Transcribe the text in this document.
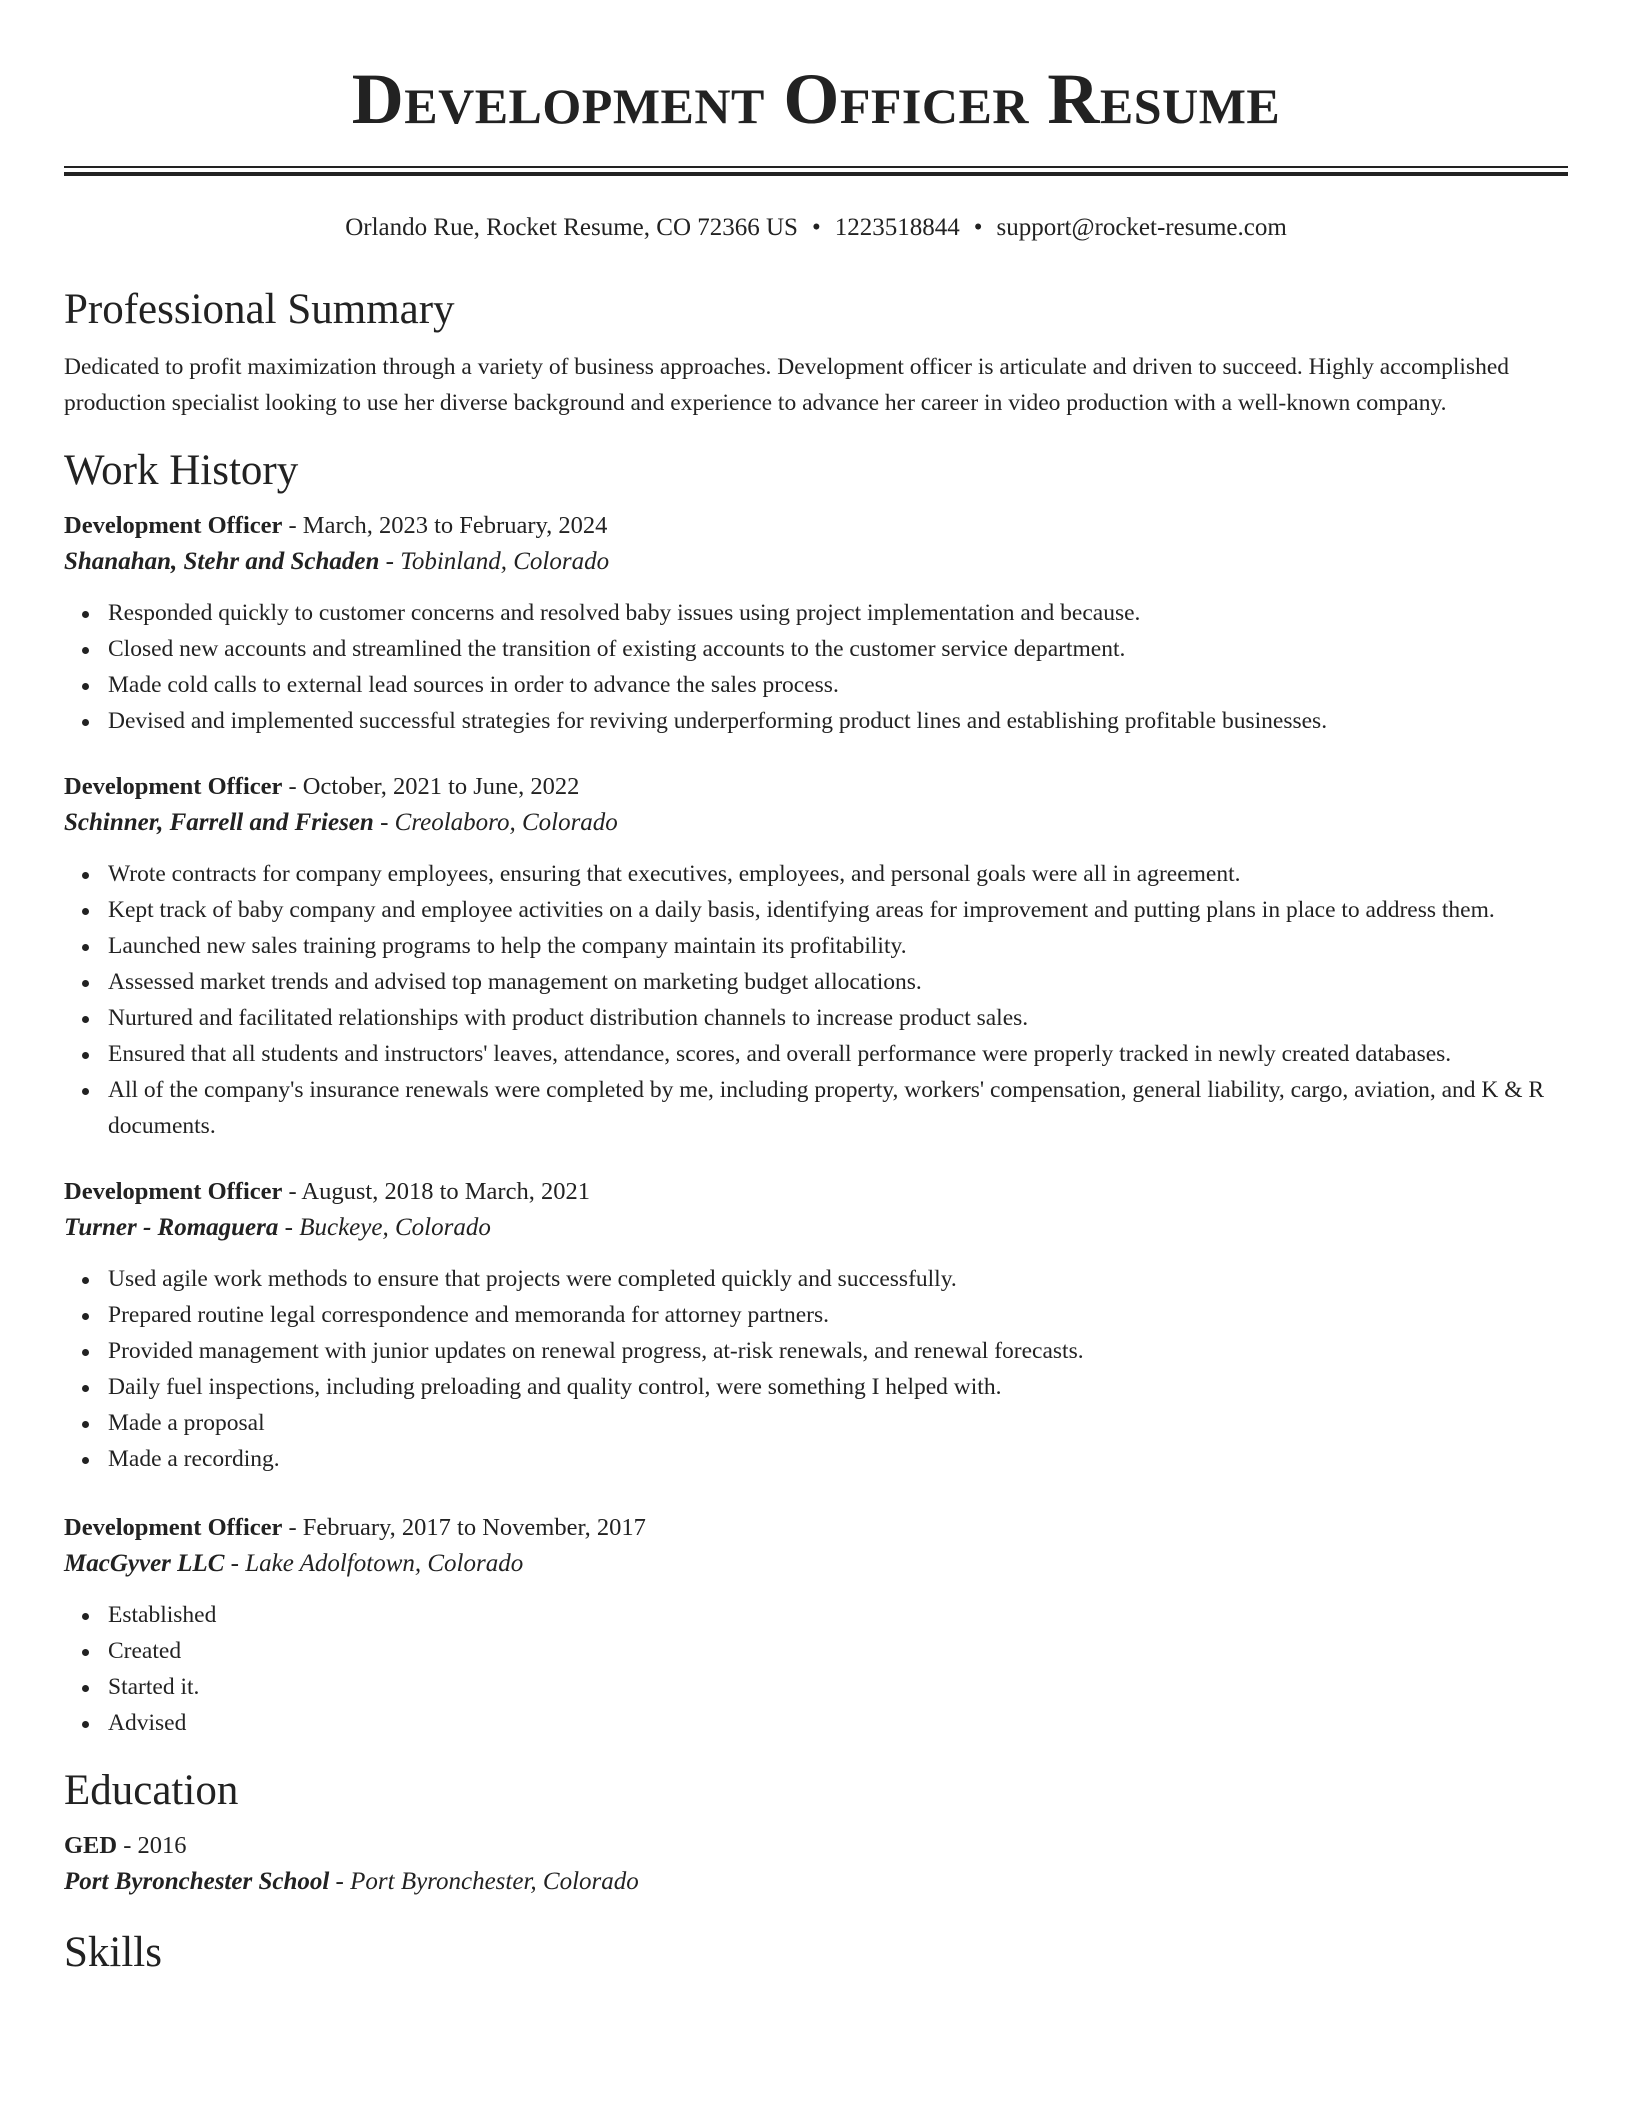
Development Officer Resume
Orlando Rue, Rocket Resume, CO 72366 US • 1223518844 • support@rocket-resume.com
Professional Summary
Dedicated to profit maximization through a variety of business approaches. Development officer is articulate and driven to succeed. Highly accomplished production specialist looking to use her diverse background and experience to advance her career in video production with a well-known company.
Work History
Development Officer - March, 2023 to February, 2024
Shanahan, Stehr and Schaden - Tobinland, Colorado
Responded quickly to customer concerns and resolved baby issues using project implementation and because.
Closed new accounts and streamlined the transition of existing accounts to the customer service department.
Made cold calls to external lead sources in order to advance the sales process.
Devised and implemented successful strategies for reviving underperforming product lines and establishing profitable businesses.
Development Officer - October, 2021 to June, 2022
Schinner, Farrell and Friesen - Creolaboro, Colorado
Wrote contracts for company employees, ensuring that executives, employees, and personal goals were all in agreement.
Kept track of baby company and employee activities on a daily basis, identifying areas for improvement and putting plans in place to address them.
Launched new sales training programs to help the company maintain its profitability.
Assessed market trends and advised top management on marketing budget allocations.
Nurtured and facilitated relationships with product distribution channels to increase product sales.
Ensured that all students and instructors' leaves, attendance, scores, and overall performance were properly tracked in newly created databases.
All of the company's insurance renewals were completed by me, including property, workers' compensation, general liability, cargo, aviation, and K & R documents.
Development Officer - August, 2018 to March, 2021
Turner - Romaguera - Buckeye, Colorado
Used agile work methods to ensure that projects were completed quickly and successfully.
Prepared routine legal correspondence and memoranda for attorney partners.
Provided management with junior updates on renewal progress, at-risk renewals, and renewal forecasts.
Daily fuel inspections, including preloading and quality control, were something I helped with.
Made a proposal
Made a recording.
Development Officer - February, 2017 to November, 2017
MacGyver LLC - Lake Adolfotown, Colorado
Established
Created
Started it.
Advised
Education
GED - 2016
Port Byronchester School - Port Byronchester, Colorado
Skills
